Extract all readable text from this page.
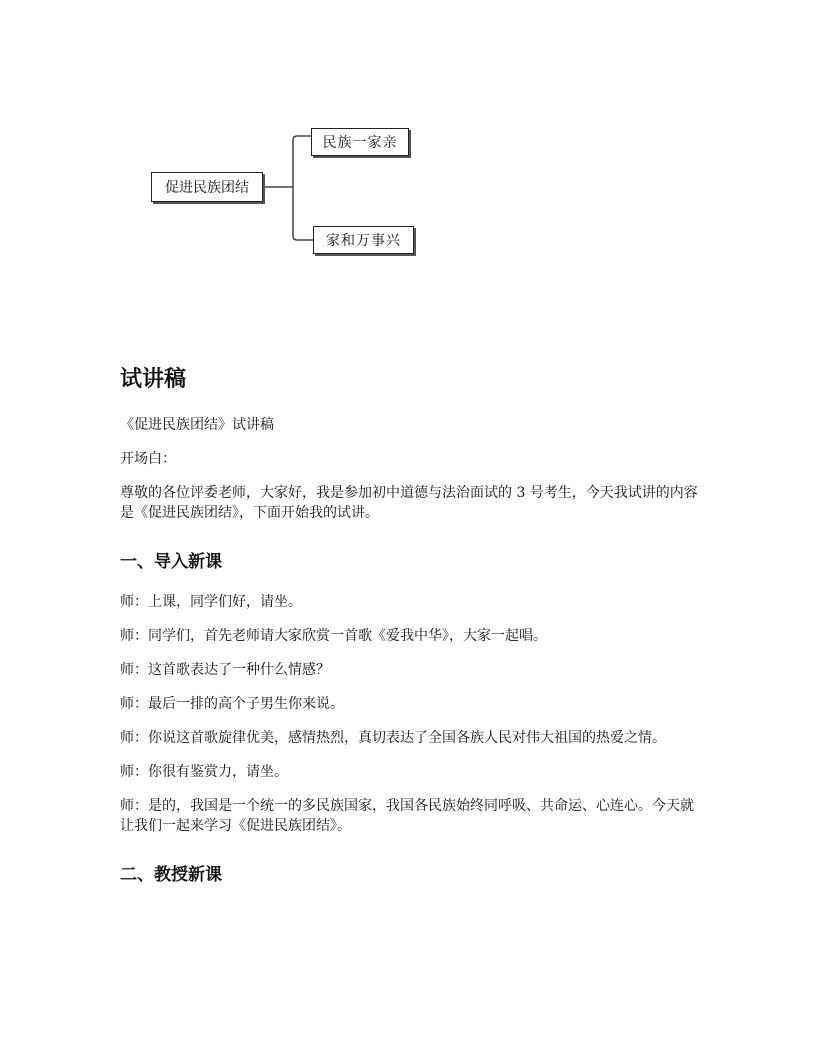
促进民族团结
民族一家亲
家和万事兴
试讲稿

《促进民族团结》试讲稿

开场白：

尊敬的各位评委老师，大家好，我是参加初中道德与法治面试的 3 号考生，今天我试讲的内容是《促进民族团结》，下面开始我的试讲。

一、导入新课

师：上课，同学们好，请坐。

师：同学们，首先老师请大家欣赏一首歌《爱我中华》，大家一起唱。

师：这首歌表达了一种什么情感？

师：最后一排的高个子男生你来说。

师：你说这首歌旋律优美，感情热烈，真切表达了全国各族人民对伟大祖国的热爱之情。

师：你很有鉴赏力，请坐。

师：是的，我国是一个统一的多民族国家，我国各民族始终同呼吸、共命运、心连心。今天就让我们一起来学习《促进民族团结》。

二、教授新课
